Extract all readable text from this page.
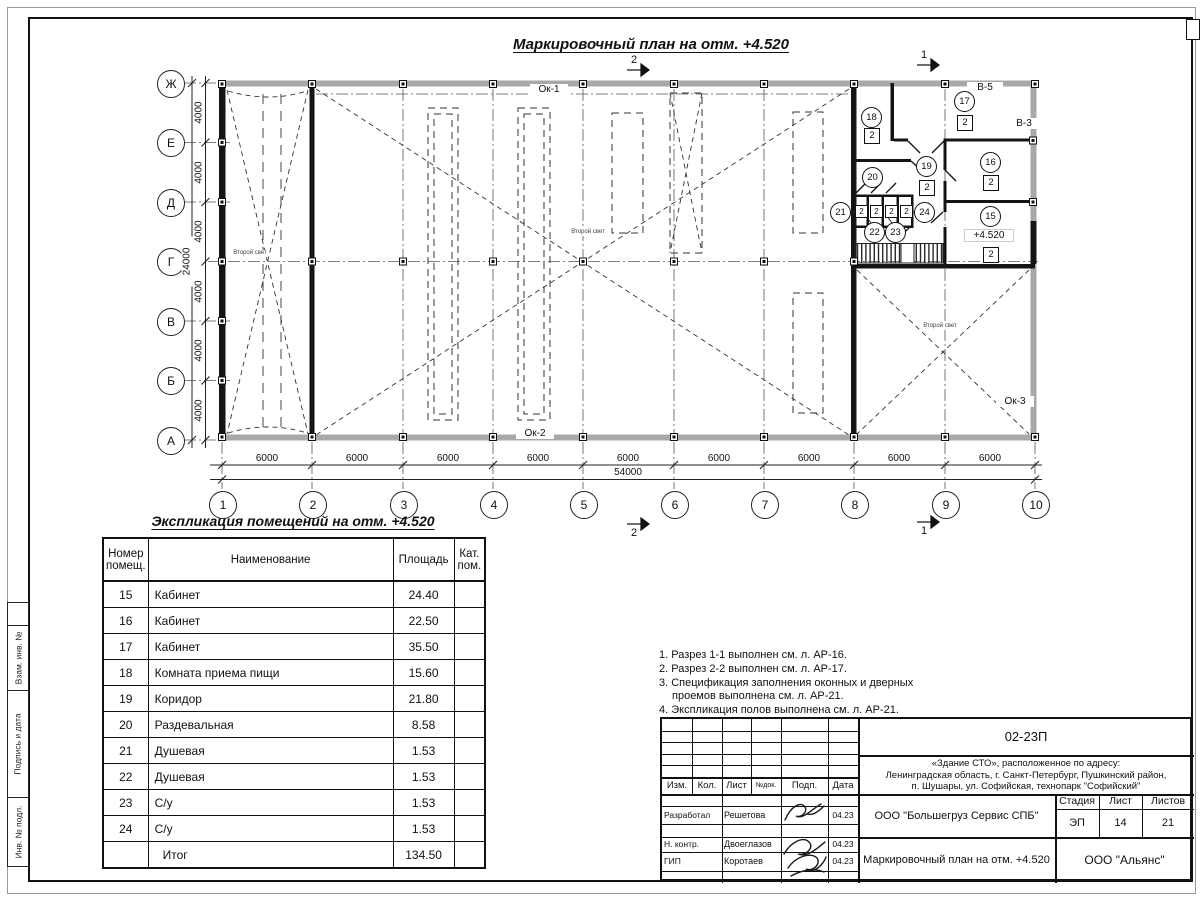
Взам. инв. №
Подпись и дата
Инв. № подл.
Маркировочный план на отм. +4.520
2	1
2	1
1	2	3	4	5	6	7	8	9	10
Ж
Е
Д
Г
В
Б
А
6000	6000	6000	6000	6000	6000	6000	6000	6000
54000
4000
4000
4000
4000
4000
4000
24000
Ок-1
Ок-2
Ок-3
В-5
В-3
Второй свет
Второй свет
Второй свет
15
16
17
18
19
20
21
22	23
24
2
2
2
2
2
2	2	2	2
+4.520
Экспликация помещений на отм. +4.520
Номер помещ.	Наименование	Площадь	Кат. пом.
15	Кабинет	24.40	
16	Кабинет	22.50	
17	Кабинет	35.50	
18	Комната приема пищи	15.60	
19	Коридор	21.80	
20	Раздевальная	8.58	
21	Душевая	1.53	
22	Душевая	1.53	
23	С/у	1.53	
24	С/у	1.53	
	Итог	134.50	
1. Разрез 1-1 выполнен см. л. АР-16.
2. Разрез 2-2 выполнен см. л. АР-17.
3. Спецификация заполнения оконных и дверных
проемов выполнена см. л. АР-21.
4. Экспликация полов выполнена см. л. АР-21.
Изм.	Кол.	Лист	№док.	Подп.	Дата
Разработал	Решетова	04.23
Н. контр.	Двоеглазов	04.23
ГИП	Коротаев	04.23
02-23П
«Здание СТО», расположенное по адресу:
Ленинградская область, г. Санкт-Петербург, Пушкинский район,
п. Шушары, ул. Софийская, технопарк "Софийский"
ООО "Большегруз Сервис СПБ"
Маркировочный план на отм. +4.520
Стадия	Лист	Листов
ЭП	14	21
ООО "Альянс"
